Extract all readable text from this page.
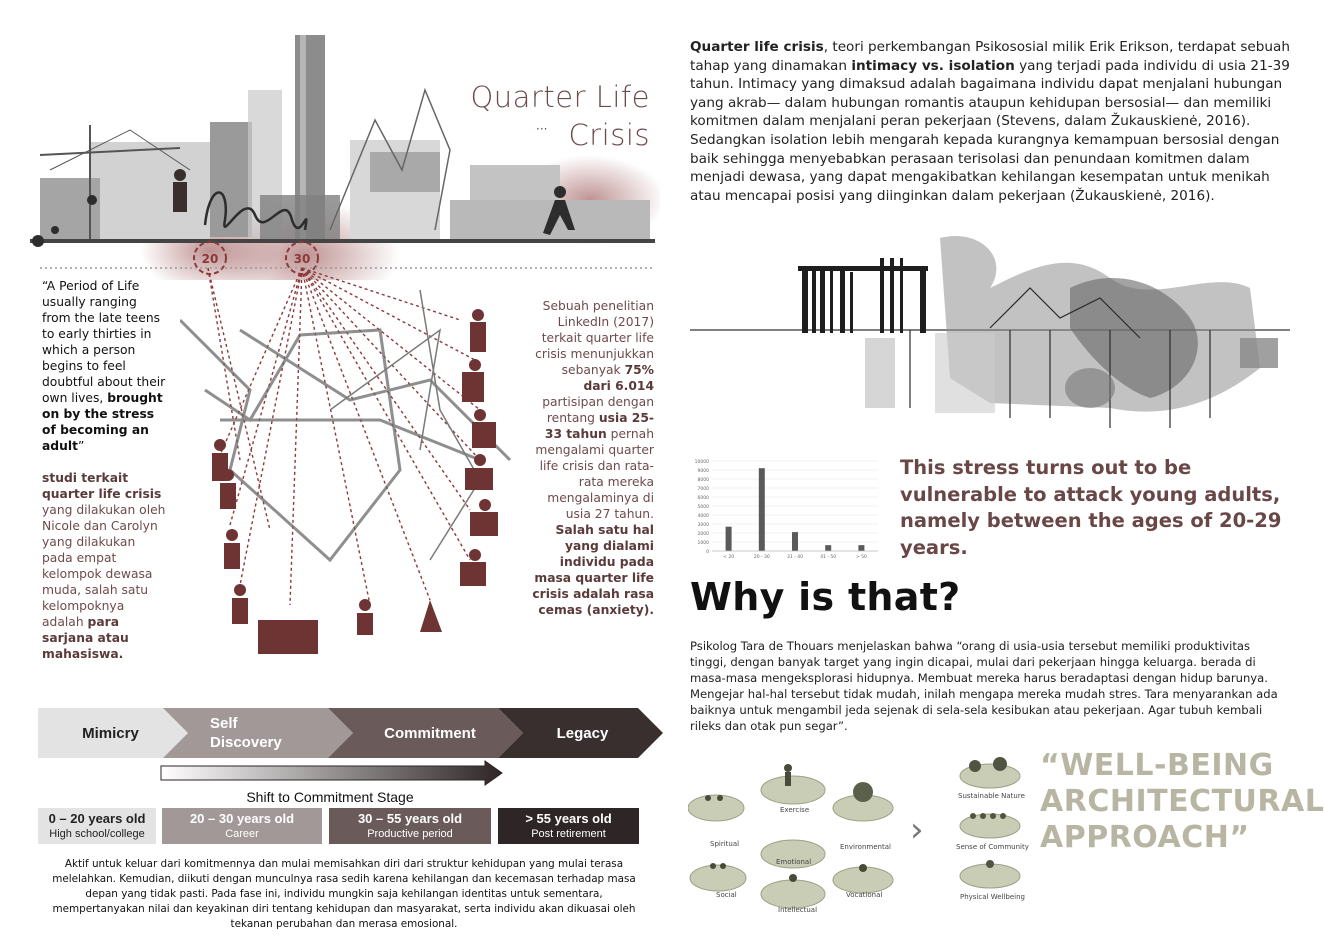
20	30
Quarter Life
Crisis
···
“A Period of Life usually ranging from the late teens to early thirties in which a person begins to feel doubtful about their own lives, brought on by the stress of becoming an adult”
studi terkait quarter life crisis yang dilakukan oleh Nicole dan Carolyn yang dilakukan pada empat kelompok dewasa muda, salah satu kelompoknya adalah para sarjana atau mahasiswa.
Sebuah penelitian LinkedIn (2017) terkait quarter life crisis menunjukkan sebanyak 75% dari 6.014 partisipan dengan rentang usia 25-33 tahun pernah mengalami quarter life crisis dan rata-rata mereka mengalaminya di usia 27 tahun. Salah satu hal yang dialami individu pada masa quarter life crisis adalah rasa cemas (anxiety).
Mimicry
Self Discovery
Commitment	Legacy
Shift to Commitment Stage
0 – 20 years old
High school/college
20 – 30 years old
Career
30 – 55 years old
Productive period
> 55 years old
Post retirement
Aktif untuk keluar dari komitmennya dan mulai memisahkan diri dari struktur kehidupan yang mulai terasa melelahkan. Kemudian, diikuti dengan munculnya rasa sedih karena kehilangan dan kecemasan terhadap masa depan yang tidak pasti. Pada fase ini, individu mungkin saja kehilangan identitas untuk sementara, mempertanyakan nilai dan keyakinan diri tentang kehidupan dan masyarakat, serta individu akan dikuasai oleh tekanan perubahan dan merasa emosional.
Quarter life crisis, teori perkembangan Psikososial milik Erik Erikson, terdapat sebuah tahap yang dinamakan intimacy vs. isolation yang terjadi pada individu di usia 21-39 tahun. Intimacy yang dimaksud adalah bagaimana individu dapat menjalani hubungan yang akrab— dalam hubungan romantis ataupun kehidupan bersosial— dan memiliki komitmen dalam menjalani peran pekerjaan (Stevens, dalam Žukauskienė, 2016). Sedangkan isolation lebih mengarah kepada kurangnya kemampuan bersosial dengan baik sehingga menyebabkan perasaan terisolasi dan penundaan komitmen dalam menjadi dewasa, yang dapat mengakibatkan kehilangan kesempatan untuk menikah atau mencapai posisi yang diinginkan dalam pekerjaan (Žukauskienė, 2016).
0
1000
2000
3000
4000
5000
6000
7000
8000
9000
10000
< 20	20 - 30	31 - 40	41 - 50	> 50
This stress turns out to be vulnerable to attack young adults, namely between the ages of 20-29 years.
Why is that?
Psikolog Tara de Thouars menjelaskan bahwa “orang di usia-usia tersebut memiliki produktivitas tinggi, dengan banyak target yang ingin dicapai, mulai dari pekerjaan hingga keluarga. berada di masa-masa mengeksplorasi hidupnya. Membuat mereka harus beradaptasi dengan hidup barunya. Mengejar hal-hal tersebut tidak mudah, inilah mengapa mereka mudah stres. Tara menyarankan ada baiknya untuk mengambil jeda sejenak di sela-sela kesibukan atau pekerjaan. Agar tubuh kembali rileks dan otak pun segar”.
Exercise
Spiritual	Environmental
Emotional
Social	Vocational
Intellectual
›
Sustainable Nature
Sense of Community
Physical Wellbeing
“WELL-BEING ARCHITECTURAL APPROACH”
